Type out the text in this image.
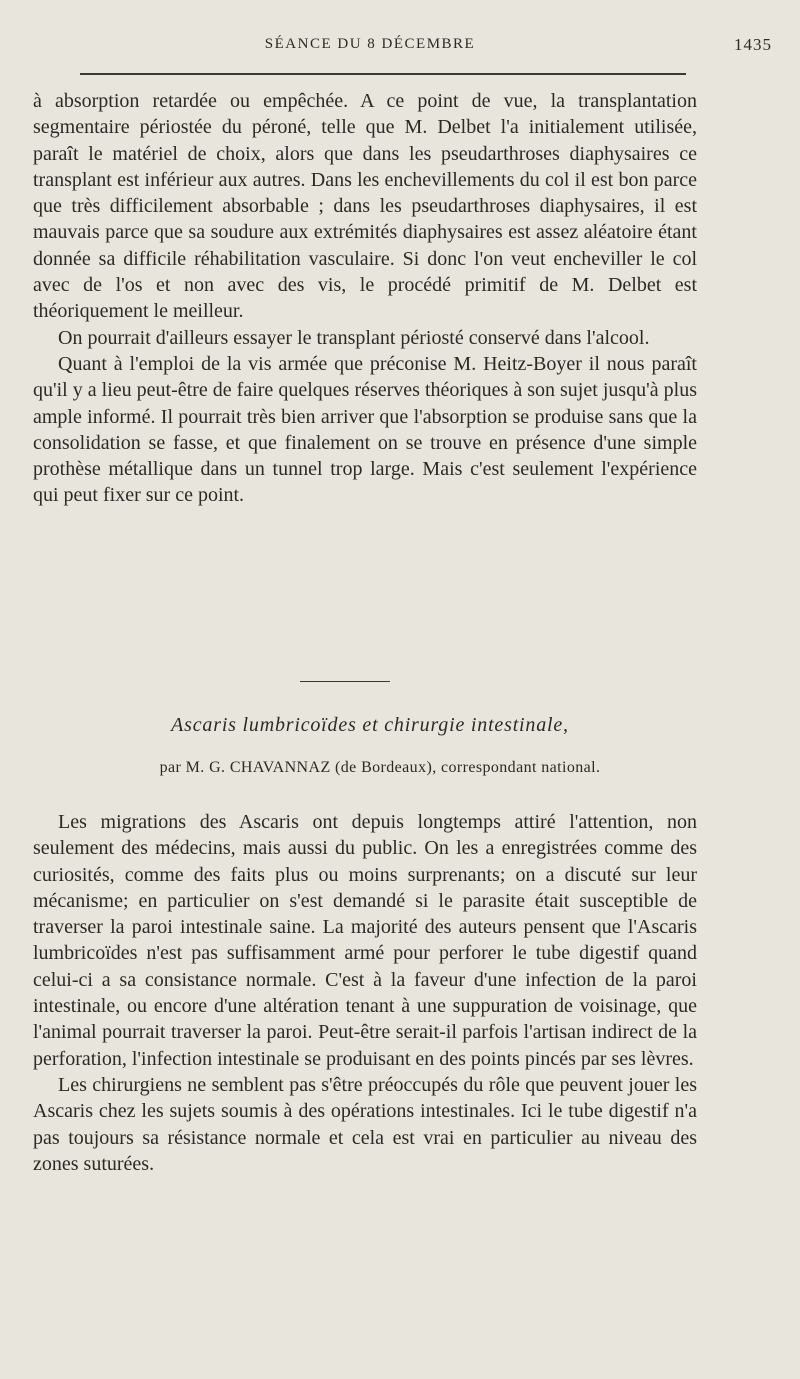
SÉANCE DU 8 DÉCEMBRE	1435

à absorption retardée ou empêchée. A ce point de vue, la transplantation segmentaire périostée du péroné, telle que M. Delbet l'a initialement utilisée, paraît le matériel de choix, alors que dans les pseudarthroses diaphysaires ce transplant est inférieur aux autres. Dans les enchevillements du col il est bon parce que très difficilement absorbable ; dans les pseudarthroses diaphysaires, il est mauvais parce que sa soudure aux extrémités diaphysaires est assez aléatoire étant donnée sa difficile réhabilitation vasculaire. Si donc l'on veut encheviller le col avec de l'os et non avec des vis, le procédé primitif de M. Delbet est théoriquement le meilleur.

On pourrait d'ailleurs essayer le transplant périosté conservé dans l'alcool.

Quant à l'emploi de la vis armée que préconise M. Heitz-Boyer il nous paraît qu'il y a lieu peut-être de faire quelques réserves théoriques à son sujet jusqu'à plus ample informé. Il pourrait très bien arriver que l'absorption se produise sans que la consolidation se fasse, et que finalement on se trouve en présence d'une simple prothèse métallique dans un tunnel trop large. Mais c'est seulement l'expérience qui peut fixer sur ce point.

Ascaris lumbricoïdes et chirurgie intestinale,
par M. G. CHAVANNAZ (de Bordeaux), correspondant national.

Les migrations des Ascaris ont depuis longtemps attiré l'attention, non seulement des médecins, mais aussi du public. On les a enregistrées comme des curiosités, comme des faits plus ou moins surprenants; on a discuté sur leur mécanisme; en particulier on s'est demandé si le parasite était susceptible de traverser la paroi intestinale saine. La majorité des auteurs pensent que l'Ascaris lumbricoïdes n'est pas suffisamment armé pour perforer le tube digestif quand celui-ci a sa consistance normale. C'est à la faveur d'une infection de la paroi intestinale, ou encore d'une altération tenant à une suppuration de voisinage, que l'animal pourrait traverser la paroi. Peut-être serait-il parfois l'artisan indirect de la perforation, l'infection intestinale se produisant en des points pincés par ses lèvres.

Les chirurgiens ne semblent pas s'être préoccupés du rôle que peuvent jouer les Ascaris chez les sujets soumis à des opérations intestinales. Ici le tube digestif n'a pas toujours sa résistance normale et cela est vrai en particulier au niveau des zones suturées.
